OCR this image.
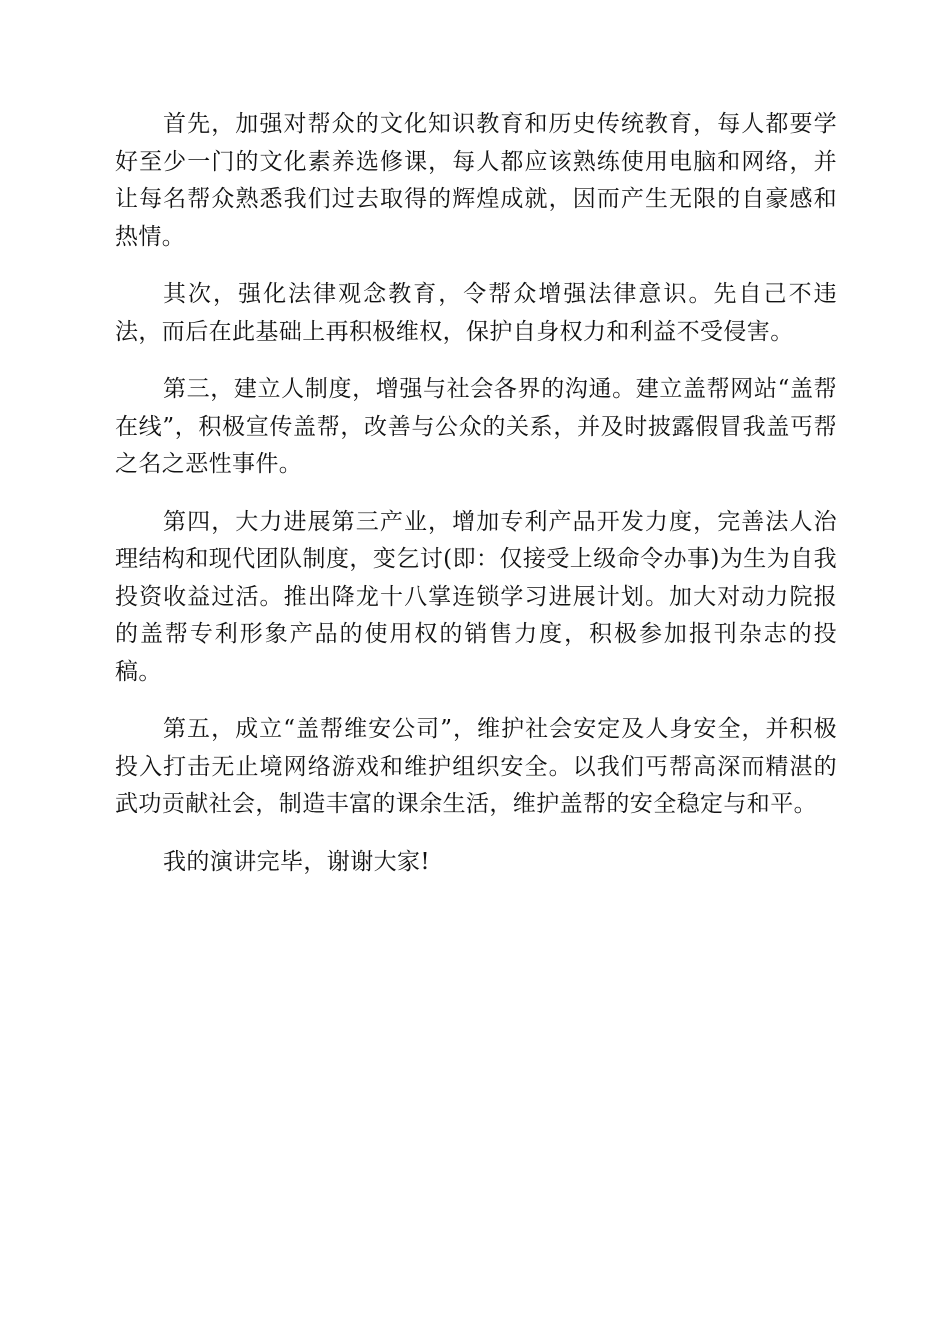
首先，加强对帮众的文化知识教育和历史传统教育，每人都要学好至少一门的文化素养选修课，每人都应该熟练使用电脑和网络，并让每名帮众熟悉我们过去取得的辉煌成就，因而产生无限的自豪感和热情。

其次，强化法律观念教育，令帮众增强法律意识。先自己不违法，而后在此基础上再积极维权，保护自身权力和利益不受侵害。

第三，建立人制度，增强与社会各界的沟通。建立盖帮网站“盖帮在线”，积极宣传盖帮，改善与公众的关系，并及时披露假冒我盖丐帮之名之恶性事件。

第四，大力进展第三产业，增加专利产品开发力度，完善法人治理结构和现代团队制度，变乞讨(即：仅接受上级命令办事)为生为自我投资收益过活。推出降龙十八掌连锁学习进展计划。加大对动力院报的盖帮专利形象产品的使用权的销售力度，积极参加报刊杂志的投稿。

第五，成立“盖帮维安公司”，维护社会安定及人身安全，并积极投入打击无止境网络游戏和维护组织安全。以我们丐帮高深而精湛的武功贡献社会，制造丰富的课余生活，维护盖帮的安全稳定与和平。

我的演讲完毕，谢谢大家!
